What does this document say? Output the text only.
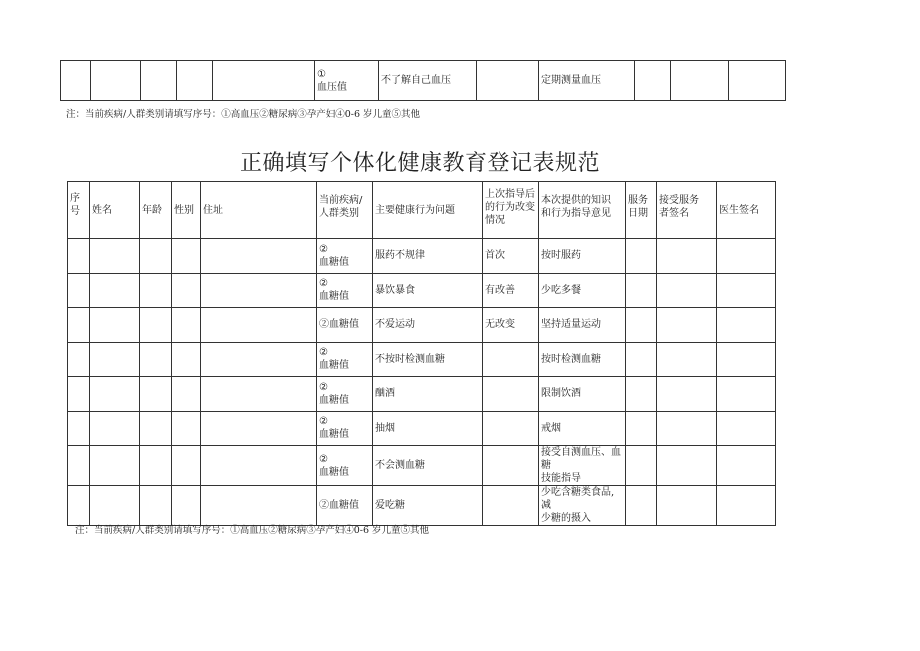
					①
血压值	不了解自己血压		定期测量血压			
注：当前疾病/人群类别请填写序号：①高血压②糖尿病③孕产妇④0-6 岁儿童⑤其他
正确填写个体化健康教育登记表规范
序
号	姓名	年龄	性别	住址	当前疾病/
人群类别	主要健康行为问题	上次指导后
的行为改变
情况	本次提供的知识
和行为指导意见	服务
日期	接受服务
者签名	医生签名
					②
血糖值	服药不规律	首次	按时服药			
					②
血糖值	暴饮暴食	有改善	少吃多餐			
					②血糖值	不爱运动	无改变	坚持适量运动			
					②
血糖值	不按时检测血糖		按时检测血糖			
					②
血糖值	酗酒		限制饮酒			
					②
血糖值	抽烟		戒烟			
					②
血糖值	不会测血糖		接受自测血压、血糖
技能指导			
					②血糖值	爱吃糖		少吃含糖类食品,减
少糖的摄入			
注：当前疾病/人群类别请填写序号：①高血压②糖尿病③孕产妇④0-6 岁儿童⑤其他
